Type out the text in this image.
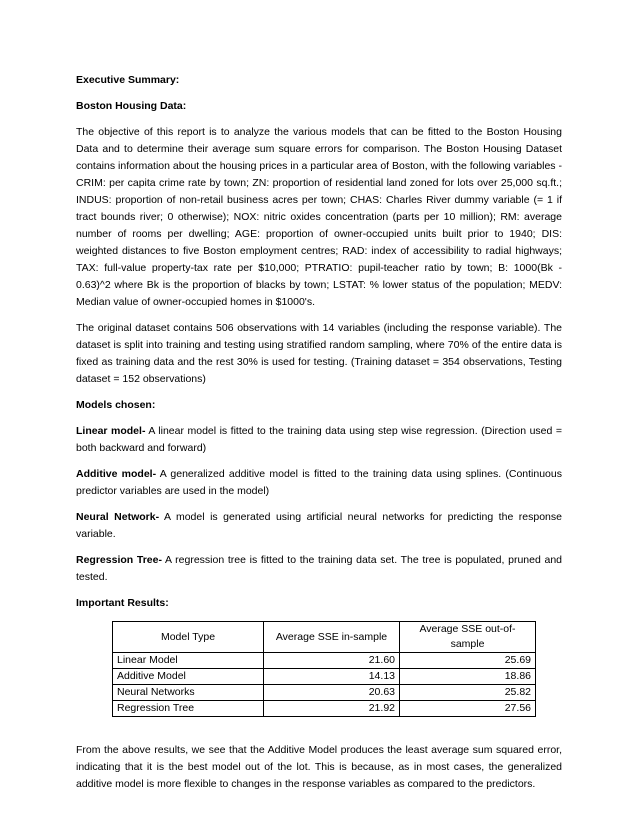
Executive Summary:
Boston Housing Data:

The objective of this report is to analyze the various models that can be fitted to the Boston Housing Data and to determine their average sum square errors for comparison. The Boston Housing Dataset contains information about the housing prices in a particular area of Boston, with the following variables - CRIM: per capita crime rate by town; ZN: proportion of residential land zoned for lots over 25,000 sq.ft.; INDUS: proportion of non-retail business acres per town; CHAS: Charles River dummy variable (= 1 if tract bounds river; 0 otherwise); NOX: nitric oxides concentration (parts per 10 million); RM: average number of rooms per dwelling; AGE: proportion of owner-occupied units built prior to 1940; DIS: weighted distances to five Boston employment centres; RAD: index of accessibility to radial highways; TAX: full-value property-tax rate per $10,000; PTRATIO: pupil-teacher ratio by town; B: 1000(Bk - 0.63)^2 where Bk is the proportion of blacks by town; LSTAT: % lower status of the population; MEDV: Median value of owner-occupied homes in $1000's.

The original dataset contains 506 observations with 14 variables (including the response variable). The dataset is split into training and testing using stratified random sampling, where 70% of the entire data is fixed as training data and the rest 30% is used for testing. (Training dataset = 354 observations, Testing dataset = 152 observations)

Models chosen:

Linear model- A linear model is fitted to the training data using step wise regression. (Direction used = both backward and forward)

Additive model- A generalized additive model is fitted to the training data using splines. (Continuous predictor variables are used in the model)

Neural Network- A model is generated using artificial neural networks for predicting the response variable.

Regression Tree- A regression tree is fitted to the training data set. The tree is populated, pruned and tested.

Important Results:
Model Type	Average SSE in-sample	Average SSE out-of-sample
Linear Model	21.60	25.69
Additive Model	14.13	18.86
Neural Networks	20.63	25.82
Regression Tree	21.92	27.56

From the above results, we see that the Additive Model produces the least average sum squared error, indicating that it is the best model out of the lot. This is because, as in most cases, the generalized additive model is more flexible to changes in the response variables as compared to the predictors.
